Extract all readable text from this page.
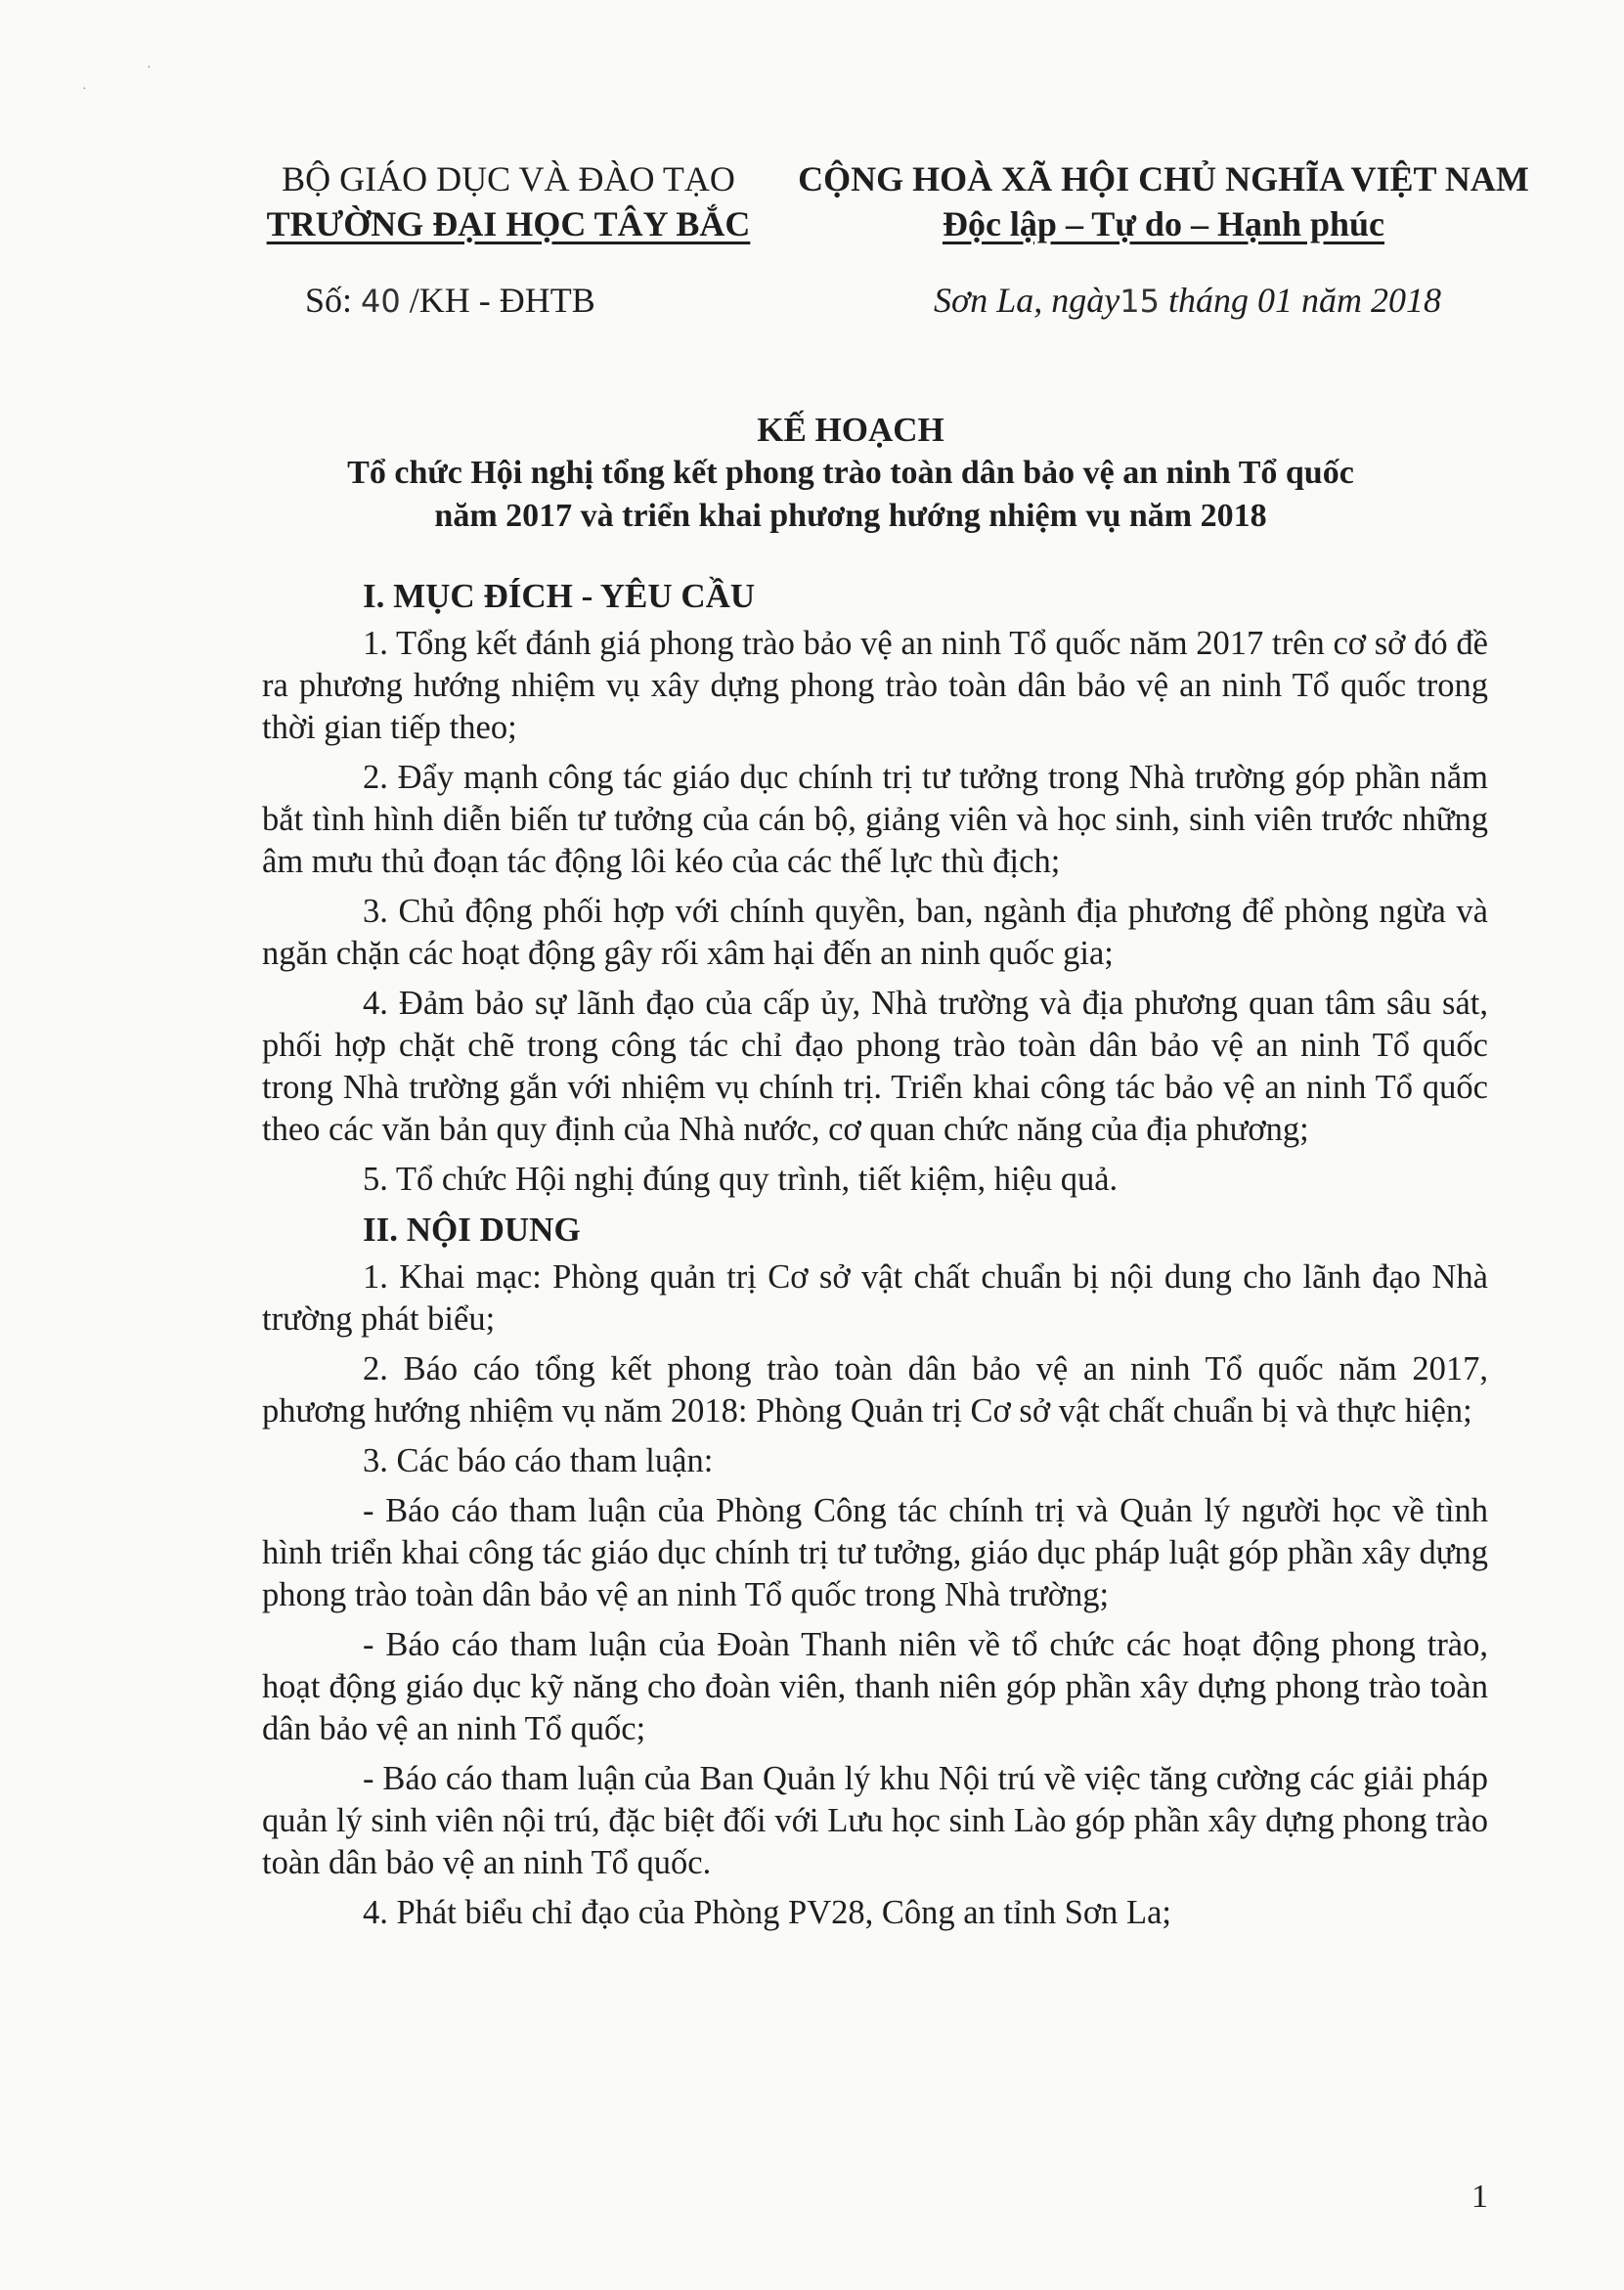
BỘ GIÁO DỤC VÀ ĐÀO TẠO
TRƯỜNG ĐẠI HỌC TÂY BẮC
CỘNG HOÀ XÃ HỘI CHỦ NGHĨA VIỆT NAM
Độc lập – Tự do – Hạnh phúc
Số: 40 /KH - ĐHTB	Sơn La, ngày15 tháng 01 năm 2018
KẾ HOẠCH
Tổ chức Hội nghị tổng kết phong trào toàn dân bảo vệ an ninh Tổ quốc
năm 2017 và triển khai phương hướng nhiệm vụ năm 2018
I. MỤC ĐÍCH - YÊU CẦU

1. Tổng kết đánh giá phong trào bảo vệ an ninh Tổ quốc năm 2017 trên cơ sở đó đề ra phương hướng nhiệm vụ xây dựng phong trào toàn dân bảo vệ an ninh Tổ quốc trong thời gian tiếp theo;

2. Đẩy mạnh công tác giáo dục chính trị tư tưởng trong Nhà trường góp phần nắm bắt tình hình diễn biến tư tưởng của cán bộ, giảng viên và học sinh, sinh viên trước những âm mưu thủ đoạn tác động lôi kéo của các thế lực thù địch;

3. Chủ động phối hợp với chính quyền, ban, ngành địa phương để phòng ngừa và ngăn chặn các hoạt động gây rối xâm hại đến an ninh quốc gia;

4. Đảm bảo sự lãnh đạo của cấp ủy, Nhà trường và địa phương quan tâm sâu sát, phối hợp chặt chẽ trong công tác chỉ đạo phong trào toàn dân bảo vệ an ninh Tổ quốc trong Nhà trường gắn với nhiệm vụ chính trị. Triển khai công tác bảo vệ an ninh Tổ quốc theo các văn bản quy định của Nhà nước, cơ quan chức năng của địa phương;

5. Tổ chức Hội nghị đúng quy trình, tiết kiệm, hiệu quả.

II. NỘI DUNG

1. Khai mạc: Phòng quản trị Cơ sở vật chất chuẩn bị nội dung cho lãnh đạo Nhà trường phát biểu;

2. Báo cáo tổng kết phong trào toàn dân bảo vệ an ninh Tổ quốc năm 2017, phương hướng nhiệm vụ năm 2018: Phòng Quản trị Cơ sở vật chất chuẩn bị và thực hiện;

3. Các báo cáo tham luận:

- Báo cáo tham luận của Phòng Công tác chính trị và Quản lý người học về tình hình triển khai công tác giáo dục chính trị tư tưởng, giáo dục pháp luật góp phần xây dựng phong trào toàn dân bảo vệ an ninh Tổ quốc trong Nhà trường;

- Báo cáo tham luận của Đoàn Thanh niên về tổ chức các hoạt động phong trào, hoạt động giáo dục kỹ năng cho đoàn viên, thanh niên góp phần xây dựng phong trào toàn dân bảo vệ an ninh Tổ quốc;

- Báo cáo tham luận của Ban Quản lý khu Nội trú về việc tăng cường các giải pháp quản lý sinh viên nội trú, đặc biệt đối với Lưu học sinh Lào góp phần xây dựng phong trào toàn dân bảo vệ an ninh Tổ quốc.

4. Phát biểu chỉ đạo của Phòng PV28, Công an tỉnh Sơn La;

1
·
·
